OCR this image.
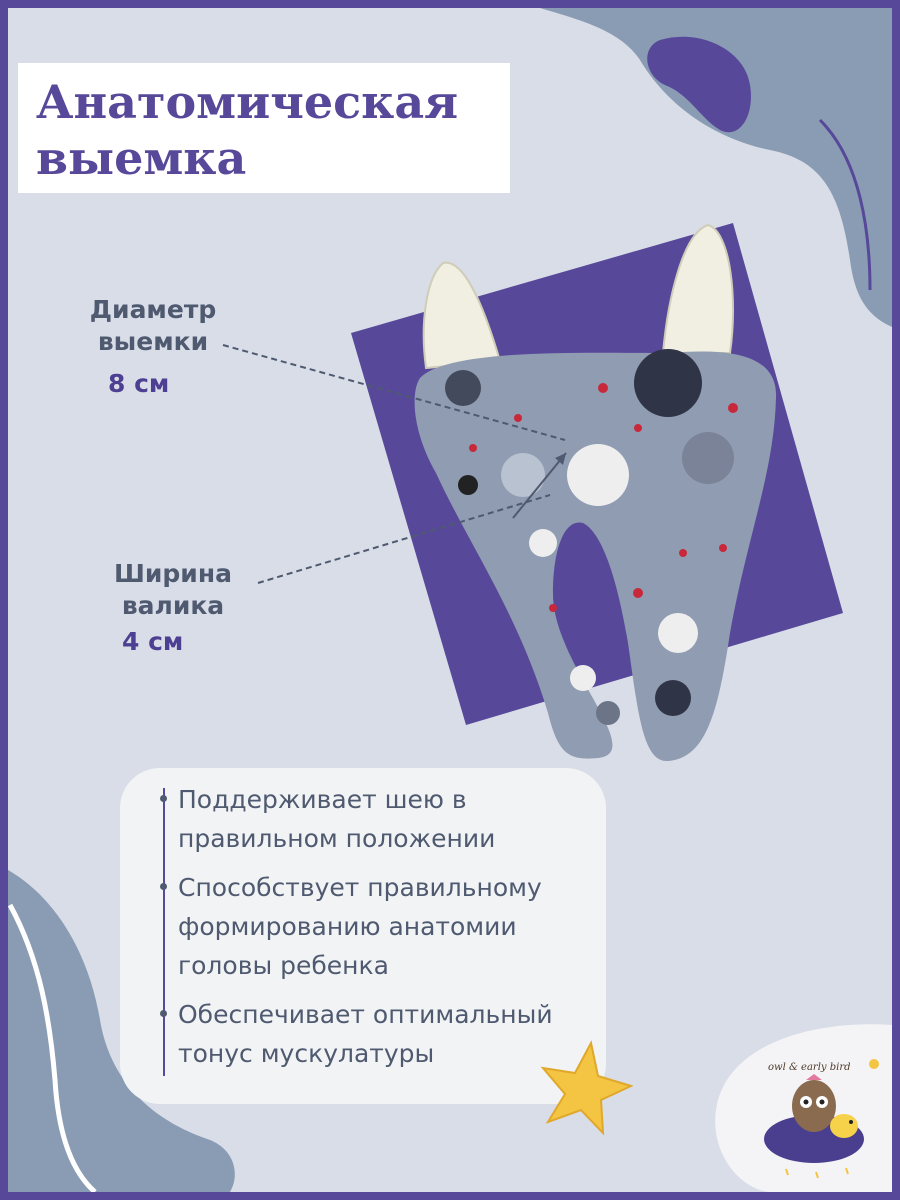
Анатомическая
выемка
Диаметр
выемки
8 см
Ширина
валика
4 см
Поддерживает шею в
правильном положении
Способствует правильному
формированию анатомии
головы ребенка
Обеспечивает оптимальный
тонус мускулатуры	owl & early bird
